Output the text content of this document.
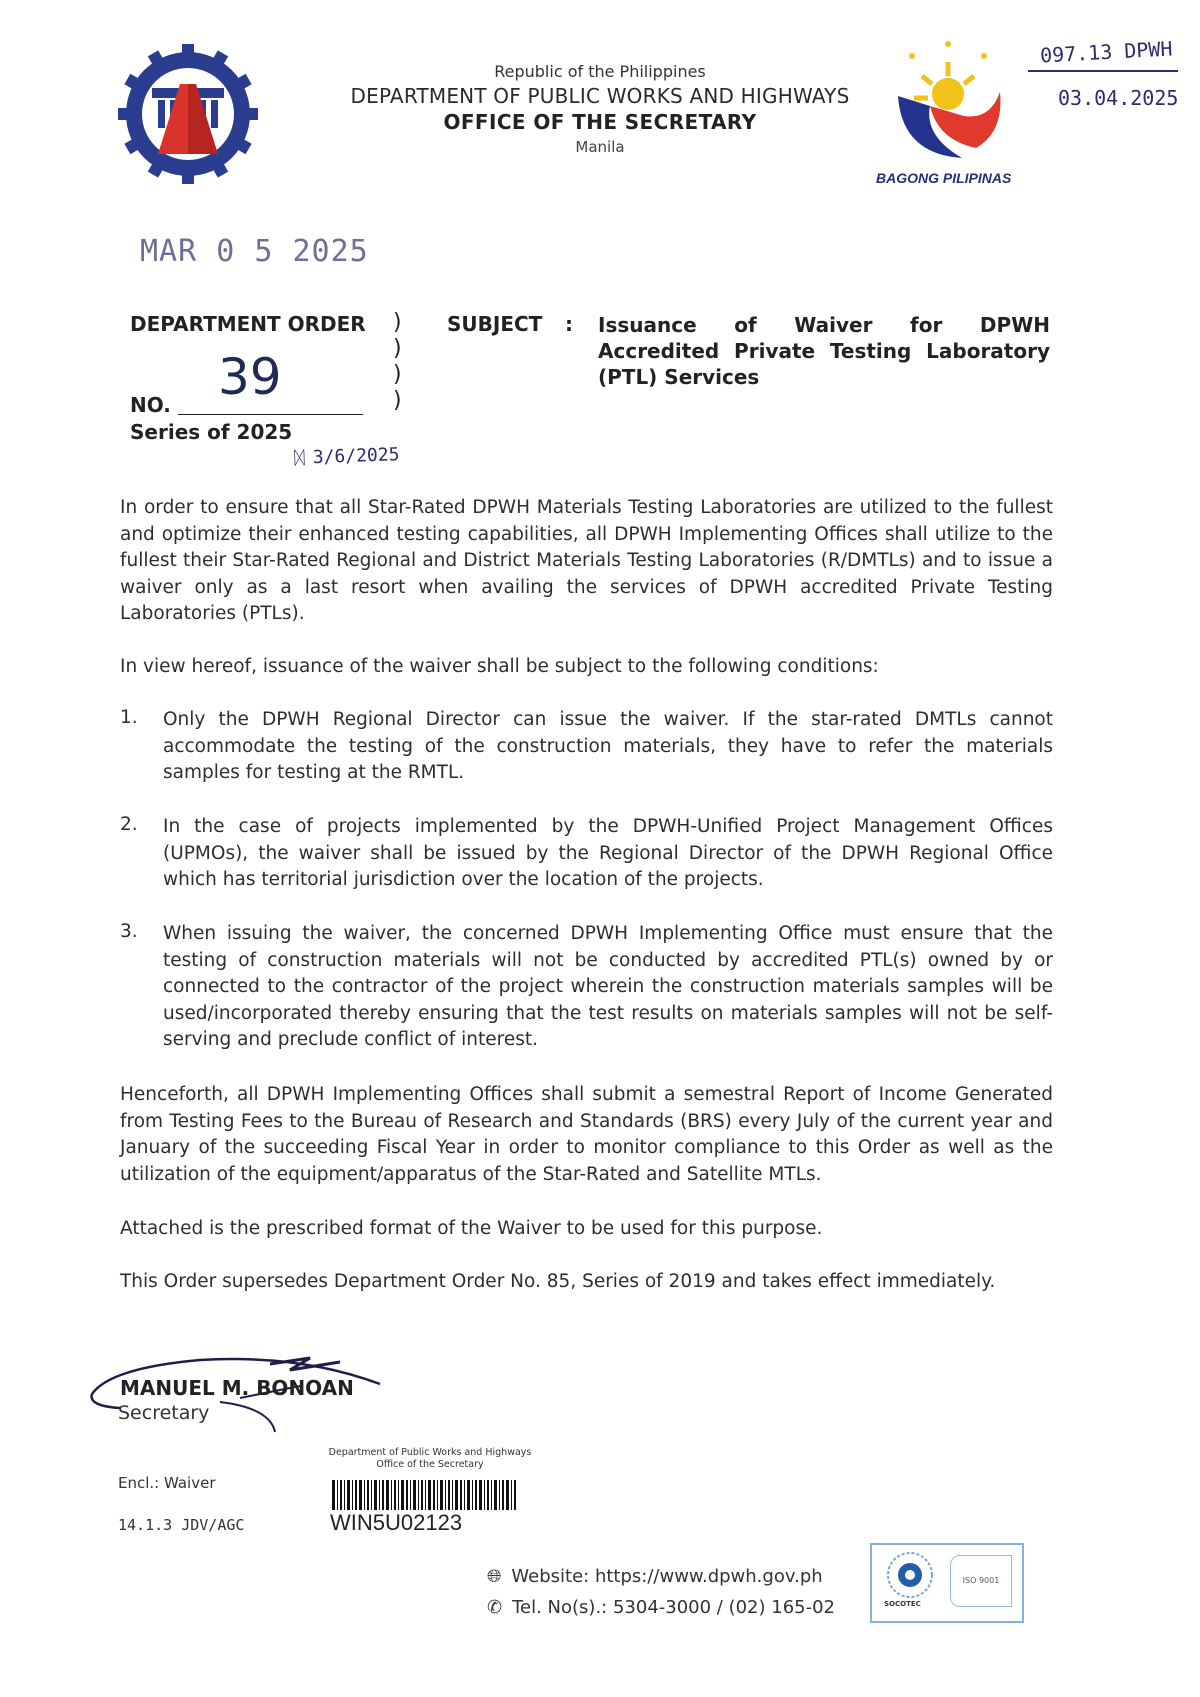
Republic of the Philippines
DEPARTMENT OF PUBLIC WORKS AND HIGHWAYS
OFFICE OF THE SECRETARY
Manila
BAGONG PILIPINAS
097.13 DPWH
03.04.2025
MAR 0 5 2025
DEPARTMENT ORDER )
)
)
)
39
NO.
Series of 2025
ᛞ 3/6/2025
SUBJECT : Issuance of Waiver for DPWH Accredited Private Testing Laboratory (PTL) Services
In order to ensure that all Star-Rated DPWH Materials Testing Laboratories are utilized to the fullest and optimize their enhanced testing capabilities, all DPWH Implementing Offices shall utilize to the fullest their Star-Rated Regional and District Materials Testing Laboratories (R/DMTLs) and to issue a waiver only as a last resort when availing the services of DPWH accredited Private Testing Laboratories (PTLs).
In view hereof, issuance of the waiver shall be subject to the following conditions:
1. Only the DPWH Regional Director can issue the waiver. If the star-rated DMTLs cannot accommodate the testing of the construction materials, they have to refer the materials samples for testing at the RMTL.
2. In the case of projects implemented by the DPWH-Unified Project Management Offices (UPMOs), the waiver shall be issued by the Regional Director of the DPWH Regional Office which has territorial jurisdiction over the location of the projects.
3. When issuing the waiver, the concerned DPWH Implementing Office must ensure that the testing of construction materials will not be conducted by accredited PTL(s) owned by or connected to the contractor of the project wherein the construction materials samples will be used/incorporated thereby ensuring that the test results on materials samples will not be self-serving and preclude conflict of interest.
Henceforth, all DPWH Implementing Offices shall submit a semestral Report of Income Generated from Testing Fees to the Bureau of Research and Standards (BRS) every July of the current year and January of the succeeding Fiscal Year in order to monitor compliance to this Order as well as the utilization of the equipment/apparatus of the Star-Rated and Satellite MTLs.
Attached is the prescribed format of the Waiver to be used for this purpose.
This Order supersedes Department Order No. 85, Series of 2019 and takes effect immediately.
MANUEL M. BONOAN
Secretary
Encl.: Waiver
14.1.3 JDV/AGC
Department of Public Works and Highways
Office of the Secretary
WIN5U02123
🌐︎ Website: https://www.dpwh.gov.ph
✆ Tel. No(s).: 5304-3000 / (02) 165-02
ISO 9001
SOCOTEC
